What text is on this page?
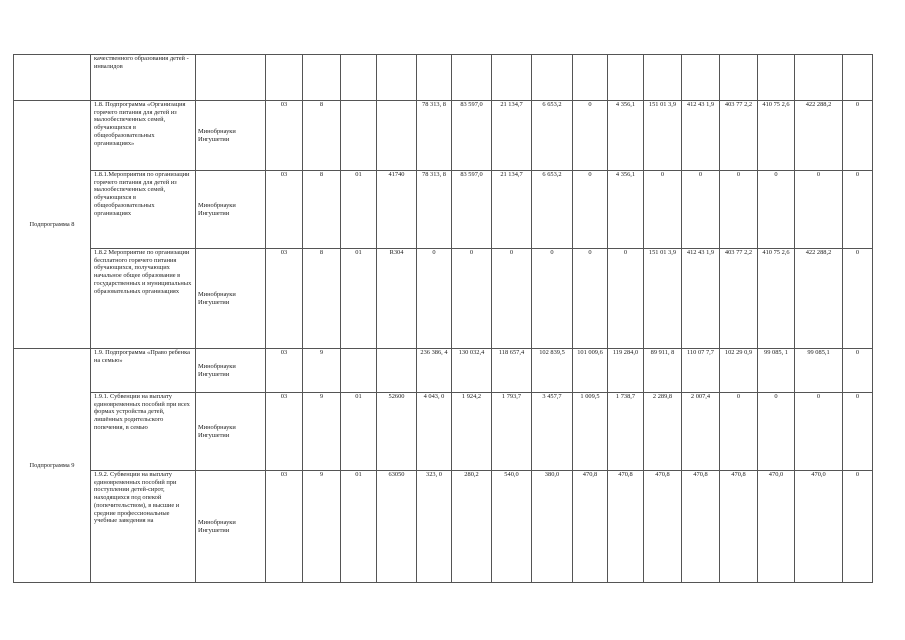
	качественного образования детей - инвалидов																	
Подпрограмма 8	1.8. Подпрограмма «Организация горячего питания для детей из малообеспеченных семей, обучающихся в общеобразовательных организациях»	Минобрнауки Ингушетии	03	8			78 313, 8	83 597,0	21 134,7	6 653,2	0	4 356,1	151 01 3,9	412 43 1,9	403 77 2,2	410 75 2,6	422 288,2	0
	1.8.1.Мероприятия по организации горячего питания для детей из малообеспеченных семей, обучающихся в общеобразовательных организациях	Минобрнауки Ингушетии	03	8	01	41740	78 313, 8	83 597,0	21 134,7	6 653,2	0	4 356,1	0	0	0	0	0	0
	1.8.2 Мероприятие по организации бесплатного горячего питания обучающихся, получающих начальное общее образование в государственных и муниципальных образовательных организациях	Минобрнауки Ингушетии	03	8	01	R304	0	0	0	0	0	0	151 01 3,9	412 43 1,9	403 77 2,2	410 75 2,6	422 288,2	0
Подпрограмма 9	1.9. Подпрограмма «Право ребенка на семью»	Минобрнауки Ингушетии	03	9			236 386, 4	130 032,4	118 657,4	102 839,5	101 009,6	119 284,0	89 911, 8	110 07 7,7	102 29 0,9	99 085, 1	99 085,1	0
	1.9.1. Субвенции на выплату единовременных пособий при всех формах устройства детей, лишённых родительского попечения, в семью	Минобрнауки Ингушетии	03	9	01	52600	4 043, 0	1 924,2	1 793,7	3 457,7	1 009,5	1 738,7	2 289,8	2 007,4	0	0	0	0
	1.9.2. Субвенции на выплату единовременных пособий при поступлении детей-сирот, находящихся под опекой (попечительством), в высшие и средние профессиональные учебные заведения на	Минобрнауки Ингушетии	03	9	01	63050	323, 0	280,2	540,0	380,0	470,8	470,8	470,8	470,8	470,8	470,0	470,0	0
